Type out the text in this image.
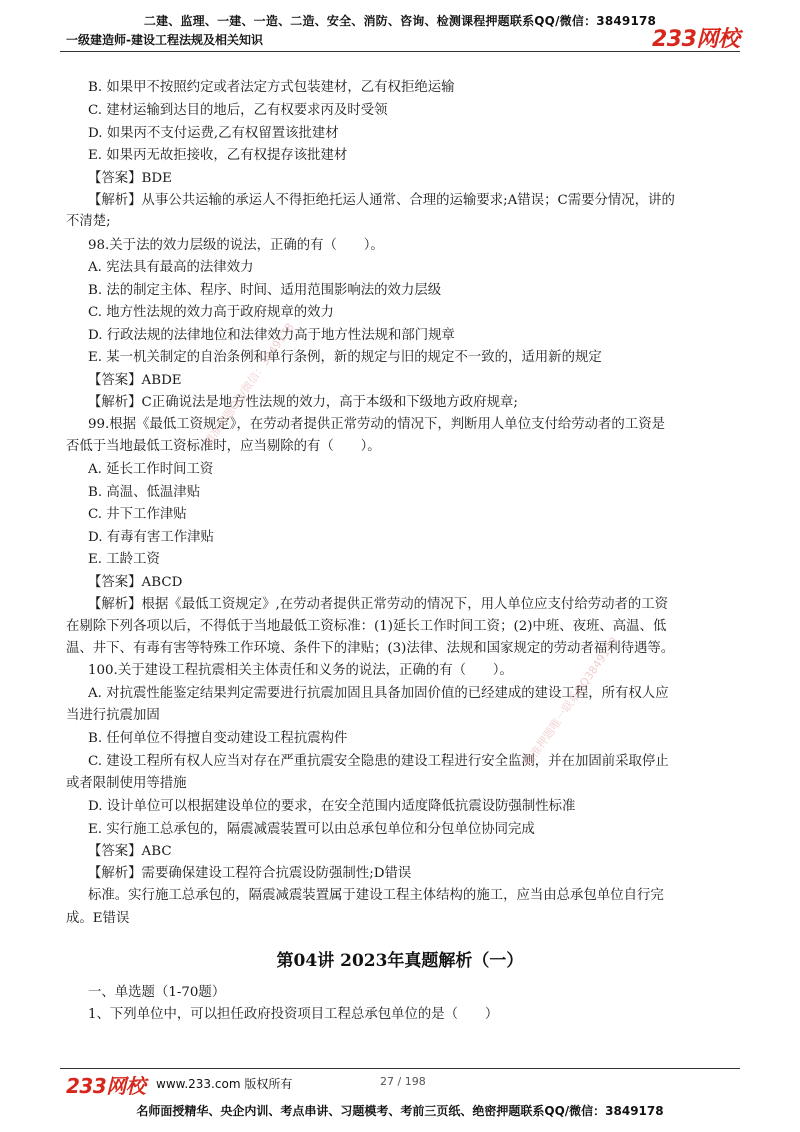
二建、监理、一建、一造、二造、安全、消防、咨询、检测课程押题联系QQ/微信：3849178
一级建造师-建设工程法规及相关知识	233网校
B. 如果甲不按照约定或者法定方式包装建材，乙有权拒绝运输
C. 建材运输到达目的地后，乙有权要求丙及时受领
D. 如果丙不支付运费,乙有权留置该批建材
E. 如果丙无故拒接收，乙有权提存该批建材
【答案】BDE
【解析】从事公共运输的承运人不得拒绝托运人通常、合理的运输要求;A错误；C需要分情况，讲的
不清楚;
98.关于法的效力层级的说法，正确的有（　　）。
A. 宪法具有最高的法律效力
B. 法的制定主体、程序、时间、适用范围影响法的效力层级
C. 地方性法规的效力高于政府规章的效力
D. 行政法规的法律地位和法律效力高于地方性法规和部门规章
E. 某一机关制定的自治条例和单行条例，新的规定与旧的规定不一致的，适用新的规定
【答案】ABDE
【解析】C正确说法是地方性法规的效力，高于本级和下级地方政府规章;
99.根据《最低工资规定》，在劳动者提供正常劳动的情况下，判断用人单位支付给劳动者的工资是
否低于当地最低工资标准时，应当剔除的有（　　）。
A. 延长工作时间工资
B. 高温、低温津贴
C. 井下工作津贴
D. 有毒有害工作津贴
E. 工龄工资
【答案】ABCD
【解析】根据《最低工资规定》,在劳动者提供正常劳动的情况下，用人单位应支付给劳动者的工资
在剔除下列各项以后，不得低于当地最低工资标准：(1)延长工作时间工资；(2)中班、夜班、高温、低
温、井下、有毒有害等特殊工作环境、条件下的津贴；(3)法律、法规和国家规定的劳动者福利待遇等。
100.关于建设工程抗震相关主体责任和义务的说法，正确的有（　　）。
A. 对抗震性能鉴定结果判定需要进行抗震加固且具备加固价值的已经建成的建设工程，所有权人应
当进行抗震加固
B. 任何单位不得擅自变动建设工程抗震构件
C. 建设工程所有权人应当对存在严重抗震安全隐患的建设工程进行安全监测，并在加固前采取停止
或者限制使用等措施
D. 设计单位可以根据建设单位的要求，在安全范围内适度降低抗震设防强制性标准
E. 实行施工总承包的，隔震减震装置可以由总承包单位和分包单位协同完成
【答案】ABC
【解析】需要确保建设工程符合抗震设防强制性;D错误
标准。实行施工总承包的，隔震减震装置属于建设工程主体结构的施工，应当由总承包单位自行完
成。E错误
第04讲 2023年真题解析（一）
一、单选题（1-70题）
1、下列单位中，可以担任政府投资项目工程总承包单位的是（　　）
精准押题QQ/微信：3849178
精准押题唯一联系QQ3849178
233网校 www.233.com 版权所有	27 / 198
名师面授精华、央企内训、考点串讲、习题模考、考前三页纸、绝密押题联系QQ/微信：3849178
